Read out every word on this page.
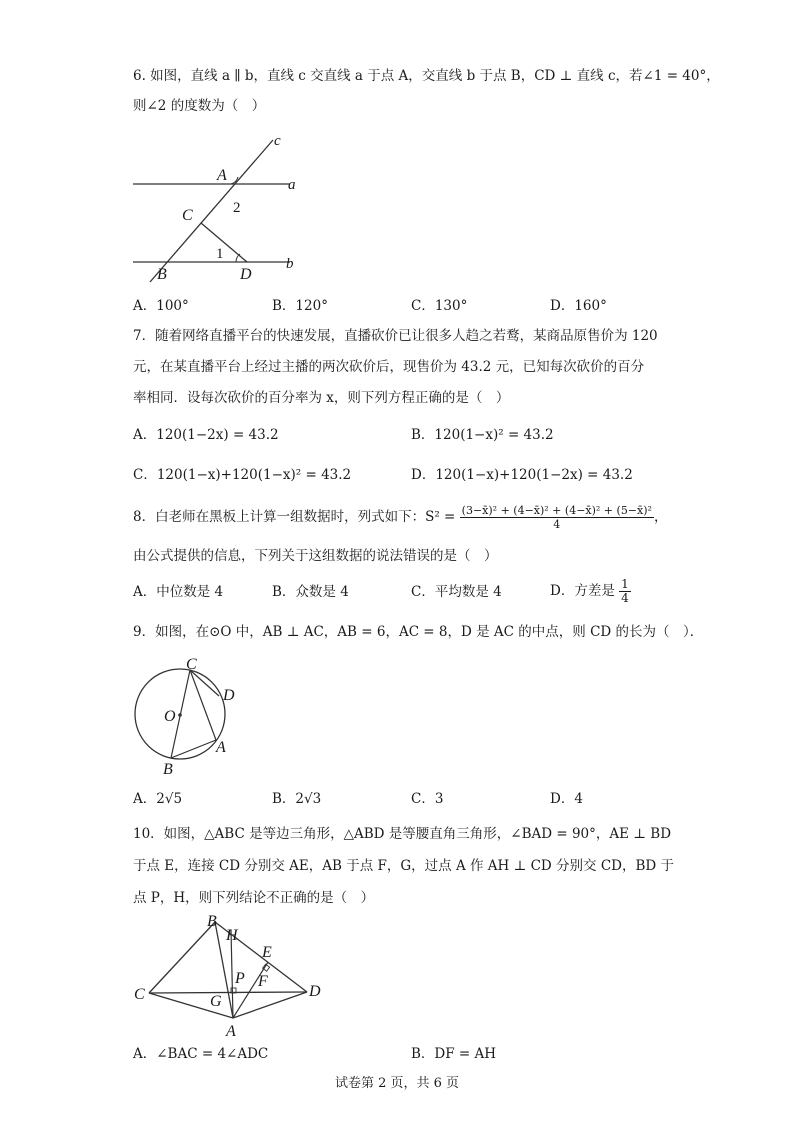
6. 如图，直线 a ∥ b，直线 c 交直线 a 于点 A，交直线 b 于点 B，CD ⊥ 直线 c，若∠1 = 40°，
则∠2 的度数为（　）
c
a
b
A
C
B	D
1
2
A．100°	B．120°	C．130°	D．160°
7．随着网络直播平台的快速发展，直播砍价已让很多人趋之若鹜，某商品原售价为 120
元，在某直播平台上经过主播的两次砍价后，现售价为 43.2 元，已知每次砍价的百分
率相同．设每次砍价的百分率为 x，则下列方程正确的是（　）
A．120(1−2x) = 43.2	B．120(1−x)² = 43.2
C．120(1−x)+120(1−x)² = 43.2	D．120(1−x)+120(1−2x) = 43.2
8．白老师在黑板上计算一组数据时，列式如下：$S^2 = \frac{\text{(3−x̄)² + (4−x̄)² + (4−x̄)² + (5−x̄)²}}{4}$ ，
由公式提供的信息，下列关于这组数据的说法错误的是（　）
A．中位数是 4	B．众数是 4	C．平均数是 4	D．方差是 $\frac{1}{4}$
9．如图，在⊙O 中，AB ⊥ AC，AB = 6，AC = 8，D 是 AC 的中点，则 CD 的长为（　）．
C
D
O
A
B
A．2√5	B．2√3	C．3	D．4
10．如图，△ABC 是等边三角形，△ABD 是等腰直角三角形，∠BAD = 90°，AE ⊥ BD
于点 E，连接 CD 分别交 AE，AB 于点 F，G，过点 A 作 AH ⊥ CD 分别交 CD，BD 于
点 P，H，则下列结论不正确的是（　）
B
H
E
P F
C	G
D
A
A．∠BAC = 4∠ADC	B．DF = AH
试卷第 2 页，共 6 页
